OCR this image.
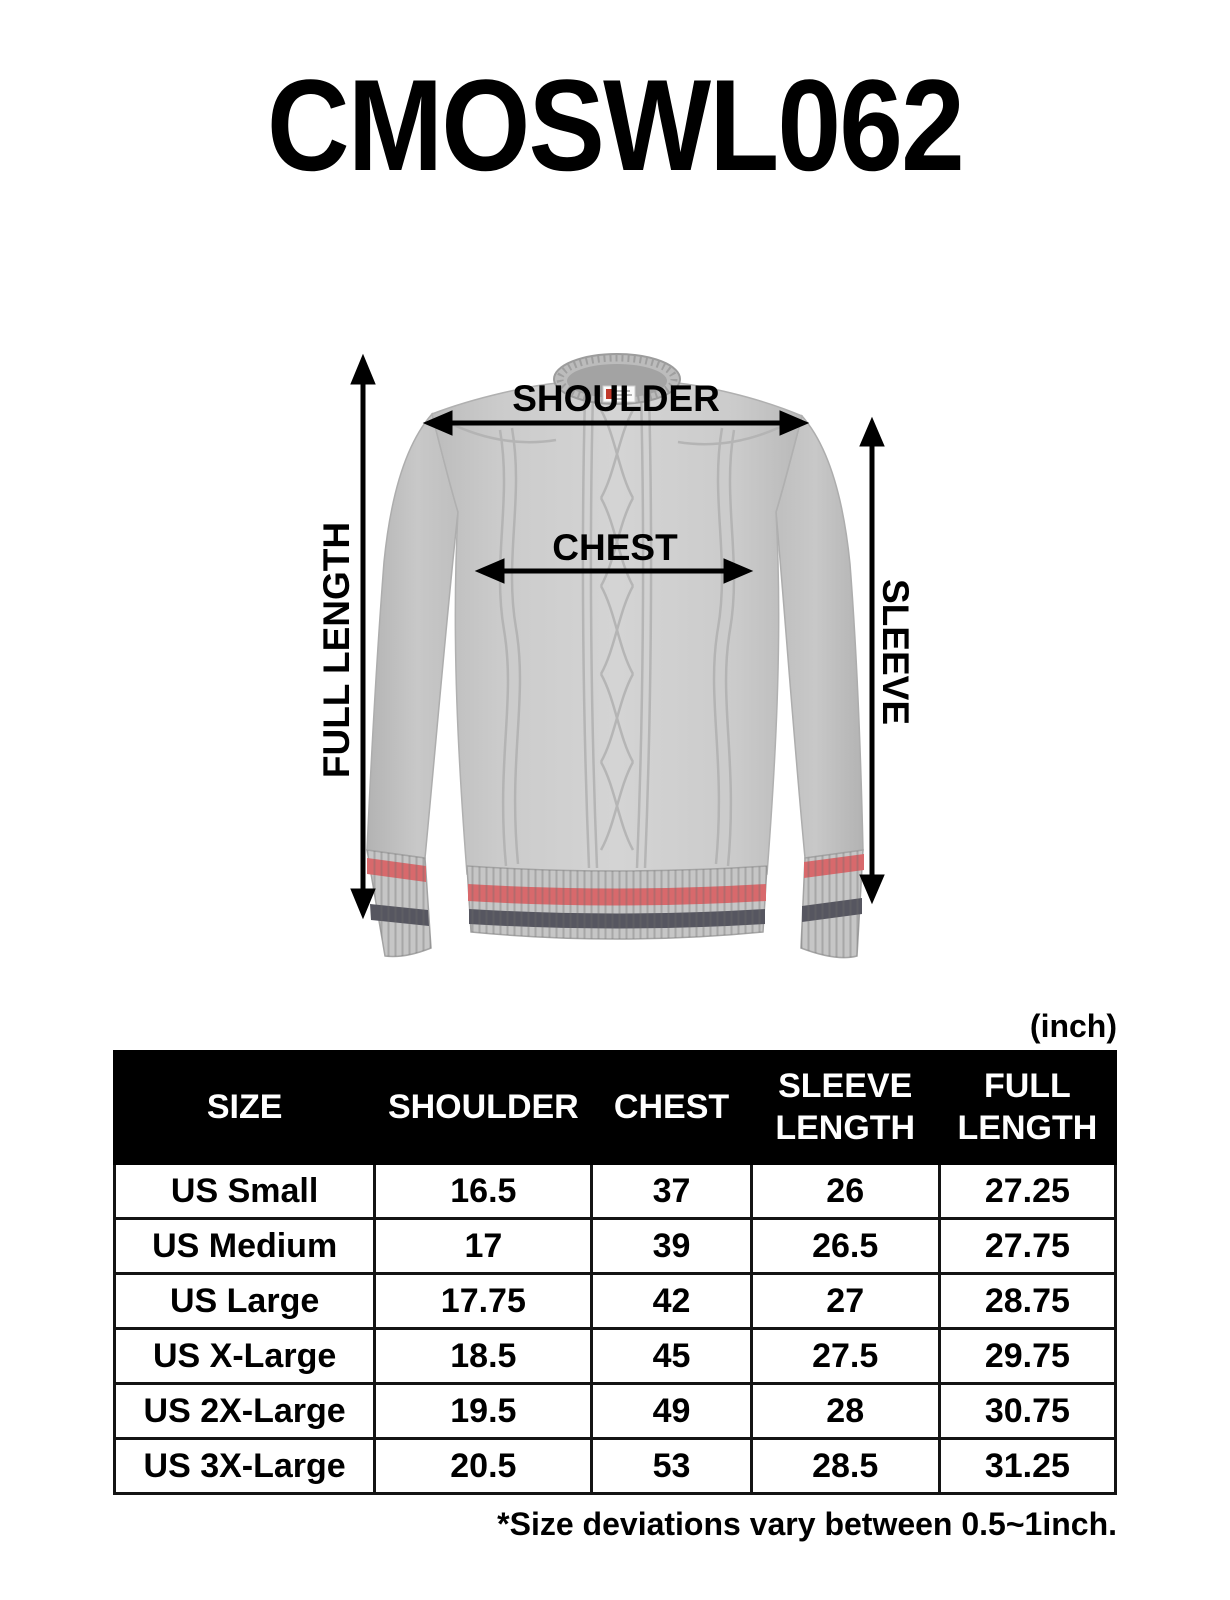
CMOSWL062
SHOULDER
CHEST
FULL LENGTH	SLEEVE
(inch)
SIZE	SHOULDER	CHEST	SLEEVE LENGTH	FULL LENGTH
US Small	16.5	37	26	27.25
US Medium	17	39	26.5	27.75
US Large	17.75	42	27	28.75
US X-Large	18.5	45	27.5	29.75
US 2X-Large	19.5	49	28	30.75
US 3X-Large	20.5	53	28.5	31.25
*Size deviations vary between 0.5~1inch.
